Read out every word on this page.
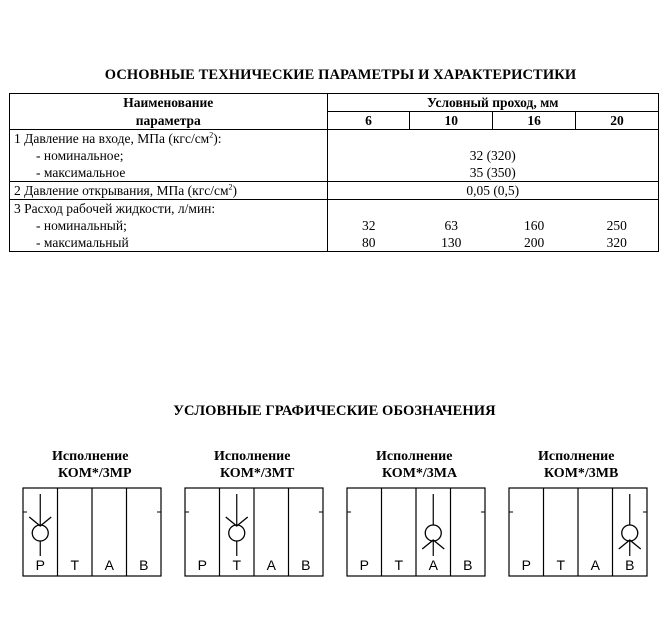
ОСНОВНЫЕ ТЕХНИЧЕСКИЕ ПАРАМЕТРЫ И ХАРАКТЕРИСТИКИ
Наименование	Условный проход, мм			
параметра	6	10	16	20
1 Давление на входе, МПа $(кгс/см^2)$:				
- номинальное;	32 (320)			
- максимальное	35 (350)			
2 Давление открывания, МПа $(кгс/см^2)$	0,05 (0,5)			
3 Расход рабочей жидкости, л/мин:				
- номинальный;	32	63	160	250
- максимальный	80	130	200	320
УСЛОВНЫЕ ГРАФИЧЕСКИЕ ОБОЗНАЧЕНИЯ
Исполнение
КОМ*/3МР
Исполнение
КОМ*/3МТ
Исполнение
КОМ*/3МА
Исполнение
КОМ*/3МВ
P T A B	P T A B	P T A B	P T A B
